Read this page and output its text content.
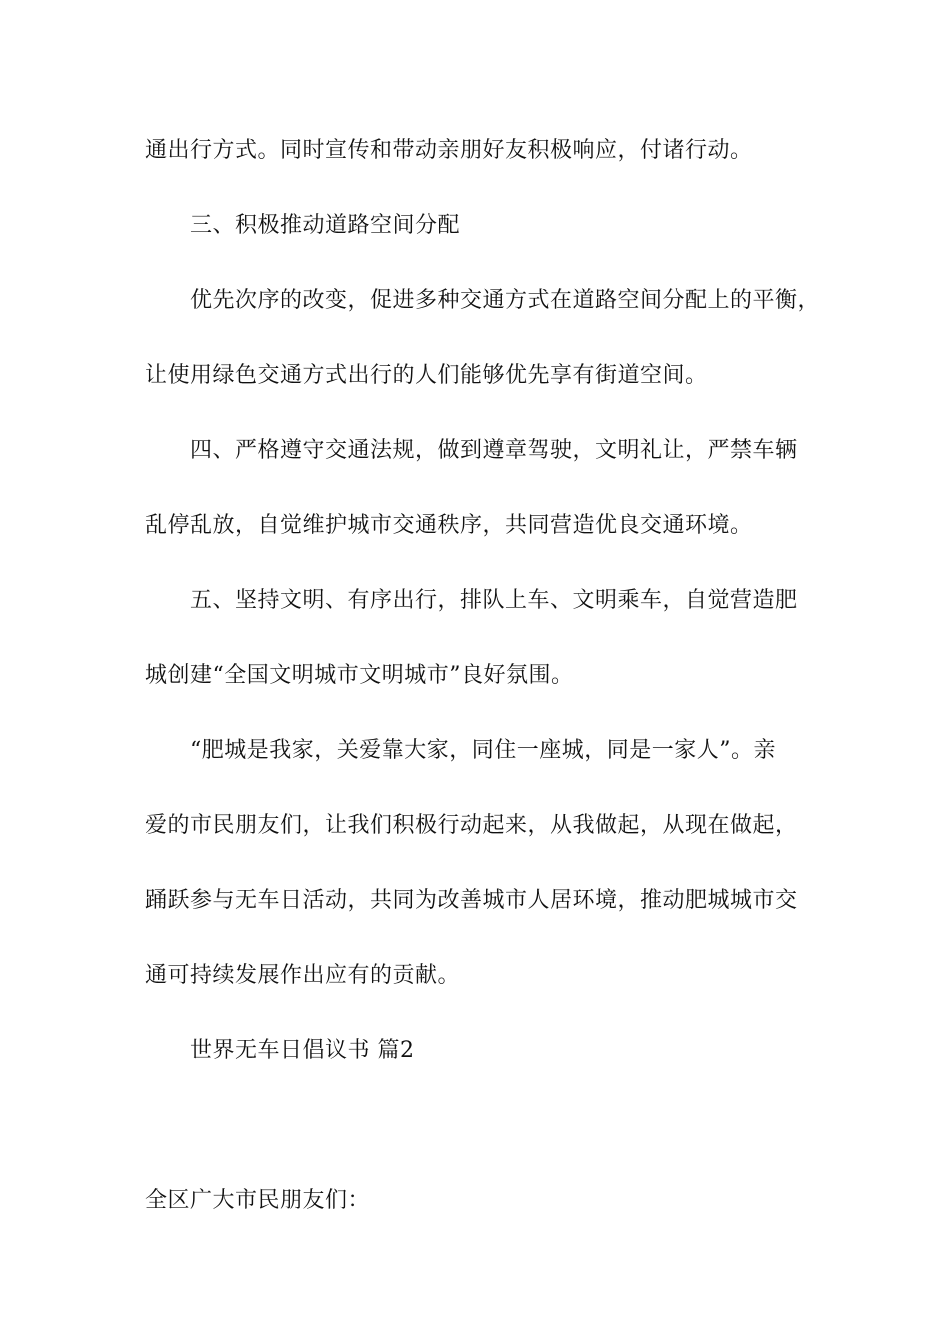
通出行方式。同时宣传和带动亲朋好友积极响应，付诸行动。
三、积极推动道路空间分配
优先次序的改变，促进多种交通方式在道路空间分配上的平衡，
让使用绿色交通方式出行的人们能够优先享有街道空间。
四、严格遵守交通法规，做到遵章驾驶，文明礼让，严禁车辆
乱停乱放，自觉维护城市交通秩序，共同营造优良交通环境。
五、坚持文明、有序出行，排队上车、文明乘车，自觉营造肥
城创建“全国文明城市文明城市”良好氛围。
“肥城是我家，关爱靠大家，同住一座城，同是一家人”。亲
爱的市民朋友们，让我们积极行动起来，从我做起，从现在做起，
踊跃参与无车日活动，共同为改善城市人居环境，推动肥城城市交
通可持续发展作出应有的贡献。
世界无车日倡议书 篇2
全区广大市民朋友们：
